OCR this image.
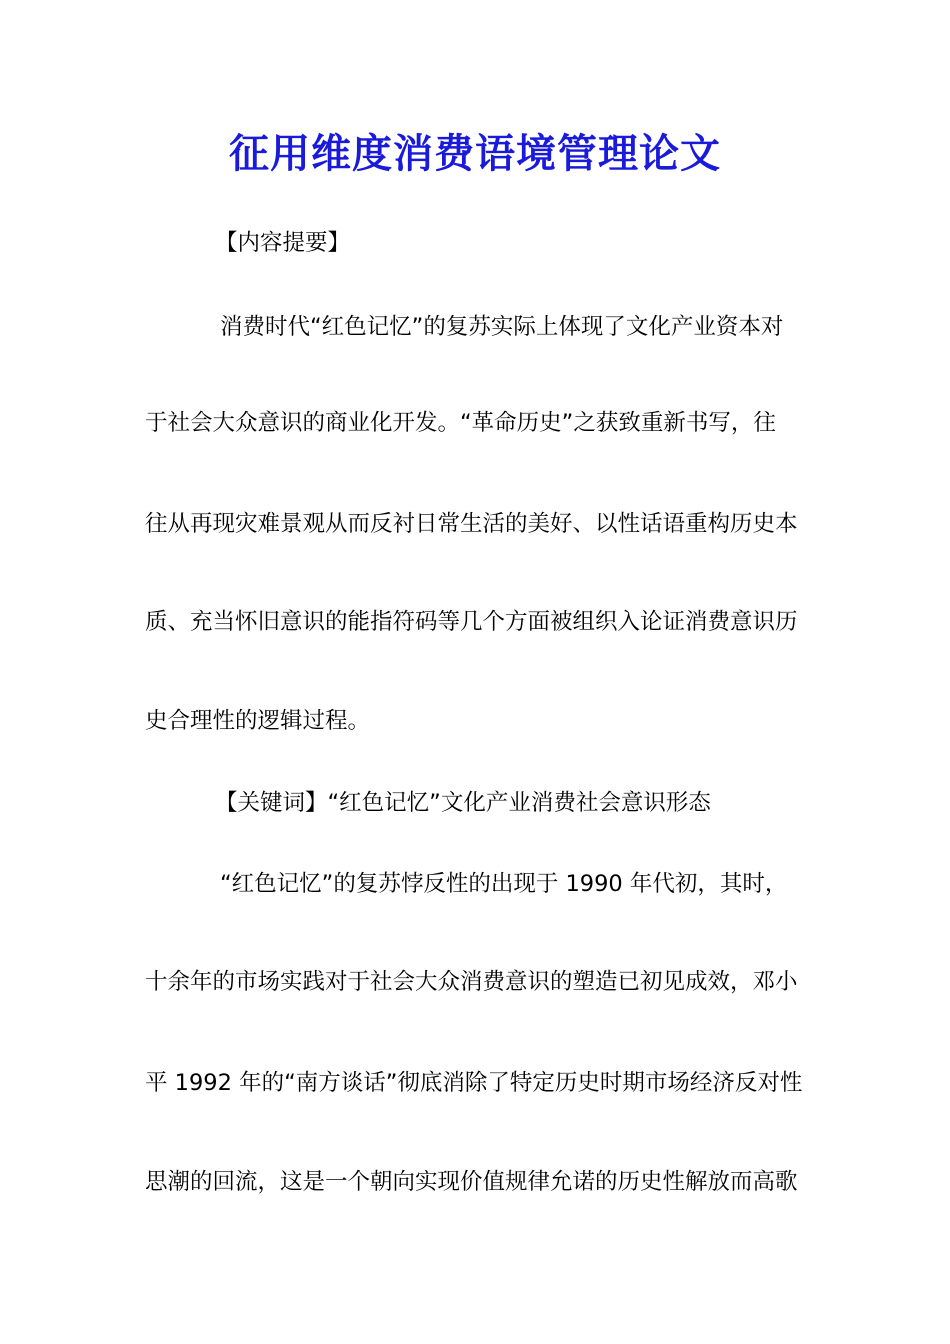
征用维度消费语境管理论文
【内容提要】
消费时代“红色记忆”的复苏实际上体现了文化产业资本对
于社会大众意识的商业化开发。“革命历史”之获致重新书写，往
往从再现灾难景观从而反衬日常生活的美好、以性话语重构历史本
质、充当怀旧意识的能指符码等几个方面被组织入论证消费意识历
史合理性的逻辑过程。
【关键词】“红色记忆”文化产业消费社会意识形态
“红色记忆”的复苏悖反性的出现于 1990 年代初，其时，
十余年的市场实践对于社会大众消费意识的塑造已初见成效，邓小
平 1992 年的“南方谈话”彻底消除了特定历史时期市场经济反对性
思潮的回流，这是一个朝向实现价值规律允诺的历史性解放而高歌
